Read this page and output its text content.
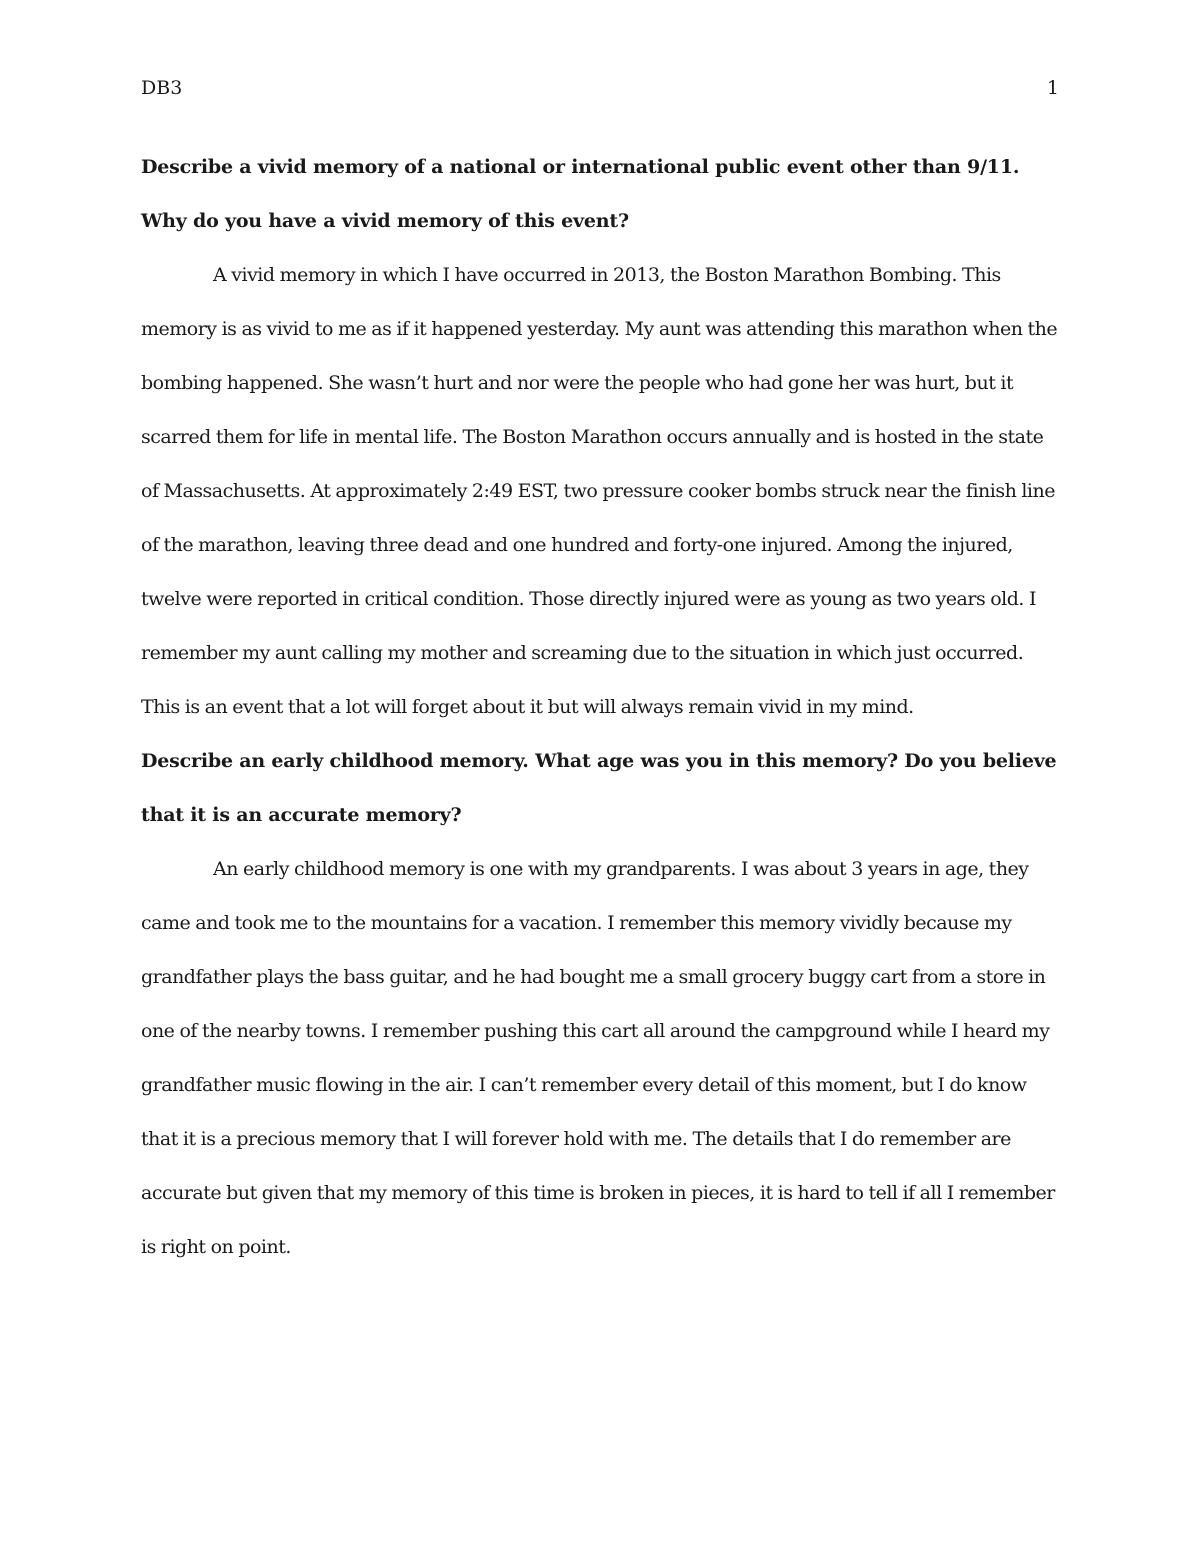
DB3	1

Describe a vivid memory of a national or international public event other than 9/11. Why do you have a vivid memory of this event?

A vivid memory in which I have occurred in 2013, the Boston Marathon Bombing. This memory is as vivid to me as if it happened yesterday. My aunt was attending this marathon when the bombing happened. She wasn’t hurt and nor were the people who had gone her was hurt, but it scarred them for life in mental life. The Boston Marathon occurs annually and is hosted in the state of Massachusetts. At approximately 2:49 EST, two pressure cooker bombs struck near the finish line of the marathon, leaving three dead and one hundred and forty-one injured. Among the injured, twelve were reported in critical condition. Those directly injured were as young as two years old. I remember my aunt calling my mother and screaming due to the situation in which just occurred. This is an event that a lot will forget about it but will always remain vivid in my mind.

Describe an early childhood memory. What age was you in this memory? Do you believe that it is an accurate memory?

An early childhood memory is one with my grandparents. I was about 3 years in age, they came and took me to the mountains for a vacation. I remember this memory vividly because my grandfather plays the bass guitar, and he had bought me a small grocery buggy cart from a store in one of the nearby towns. I remember pushing this cart all around the campground while I heard my grandfather music flowing in the air. I can’t remember every detail of this moment, but I do know that it is a precious memory that I will forever hold with me. The details that I do remember are accurate but given that my memory of this time is broken in pieces, it is hard to tell if all I remember is right on point.
